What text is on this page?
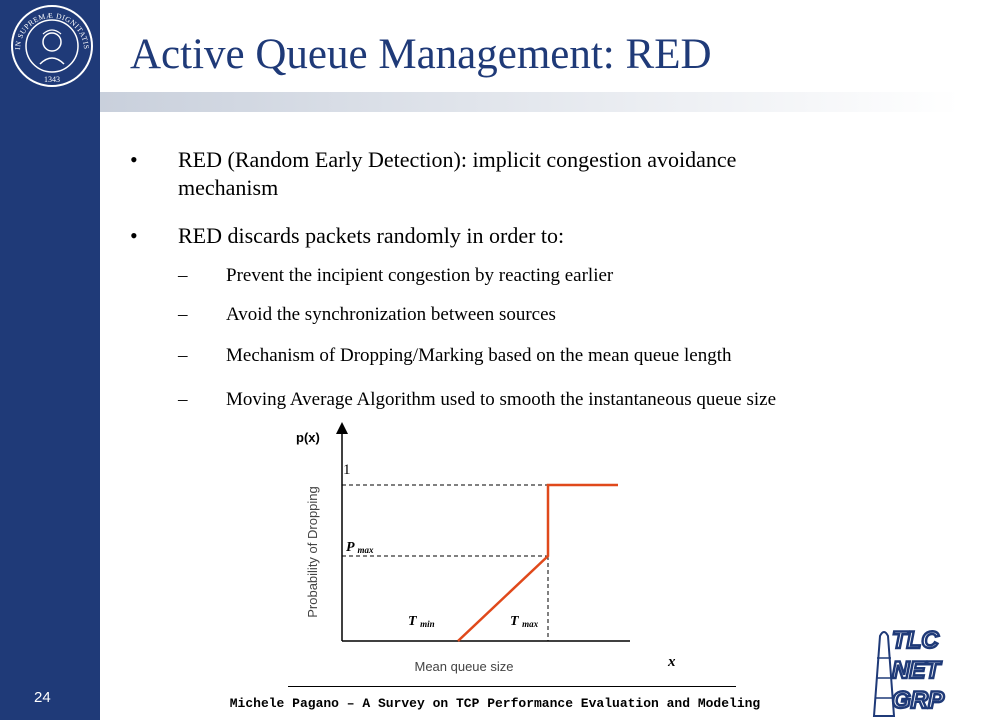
IN SUPREMÆ DIGNITATIS
1343
Active Queue Management: RED
• RED (Random Early Detection): implicit congestion avoidance
mechanism
• RED discards packets randomly in order to:
– Prevent the incipient congestion by reacting earlier
– Avoid the synchronization between sources
– Mechanism of Dropping/Marking based on the mean queue length
– Moving Average Algorithm used to smooth the instantaneous queue size
p(x)
Probability of Dropping
1
P max
T min	T max
Mean queue size	x
24	Michele Pagano – A Survey on TCP Performance Evaluation and Modeling
TLC
NET
GRP
